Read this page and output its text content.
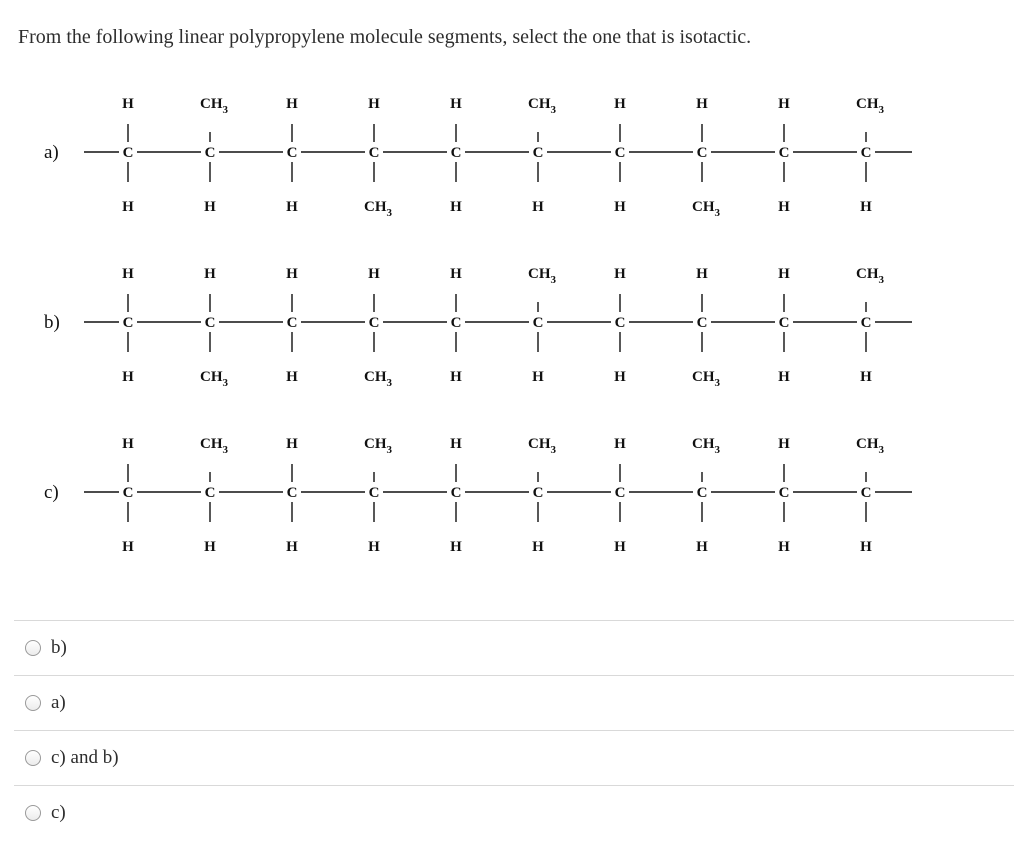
From the following linear polypropylene molecule segments, select the one that is isotactic.
a)	C
H
H
C
$CH_3$
H
C
H
H
C
H
$CH_3$
C
H
H
C
$CH_3$
H
C
H
H
C
H
$CH_3$
C
H
H
C
$CH_3$
H
b)	C
H
H
C
H
$CH_3$
C
H
H
C
H
$CH_3$
C
H
H
C
$CH_3$
H
C
H
H
C
H
$CH_3$
C
H
H
C
$CH_3$
H
c)	C
H
H
C
$CH_3$
H
C
H
H
C
$CH_3$
H
C
H
H
C
$CH_3$
H
C
H
H
C
$CH_3$
H
C
H
H
C
$CH_3$
H
b)
a)
c) and b)
c)
